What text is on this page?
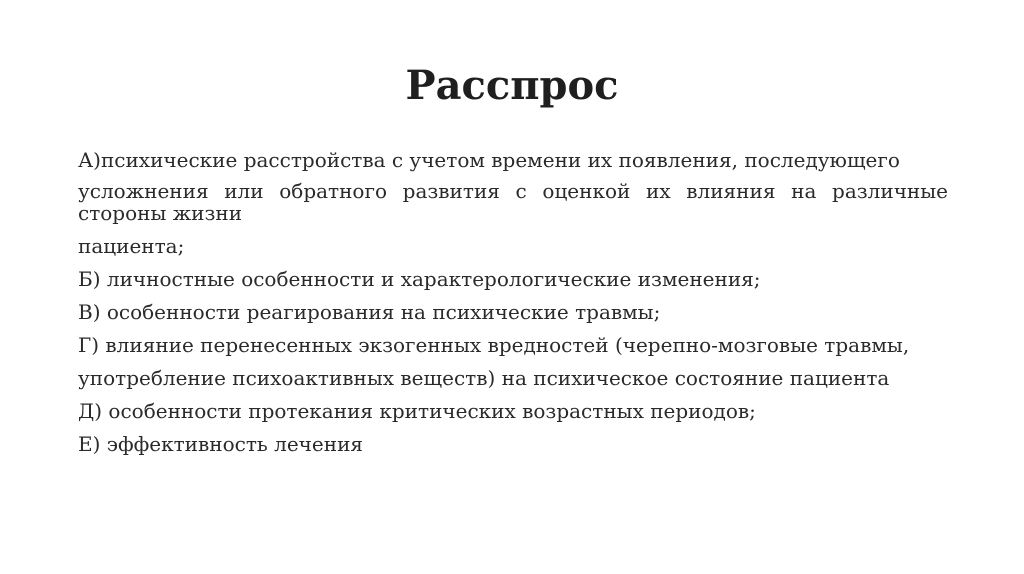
Расспрос

А)психические расстройства с учетом времени их появления, последующего

усложнения или обратного развития с оценкой их влияния на различные

стороны жизни

пациента;

Б) личностные особенности и характерологические изменения;

В) особенности реагирования на психические травмы;

Г) влияние перенесенных экзогенных вредностей (черепно-мозговые травмы,

употребление психоактивных веществ) на психическое состояние пациента

Д) особенности протекания критических возрастных периодов;

Е) эффективность лечения
